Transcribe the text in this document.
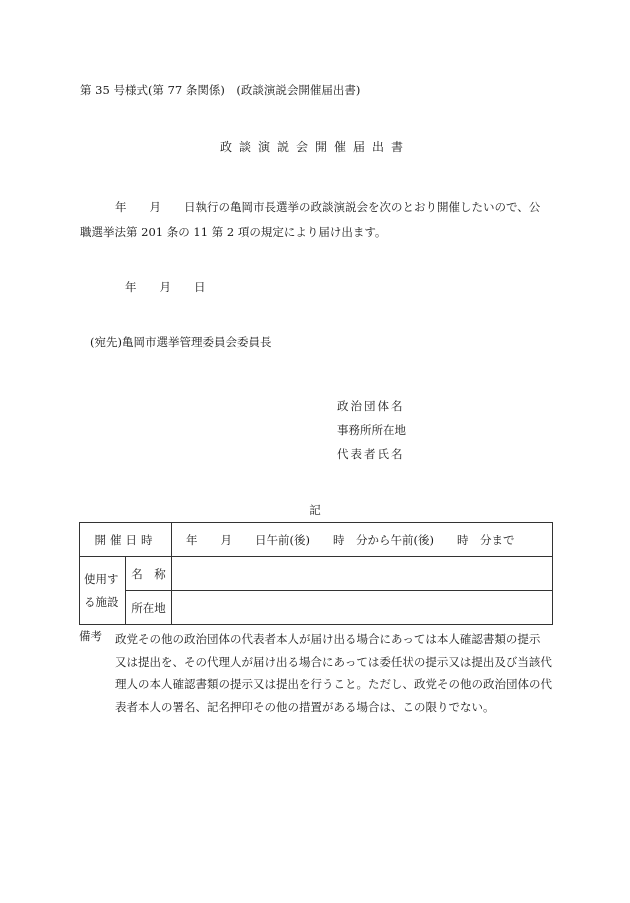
第 35 号様式(第 77 条関係)　(政談演説会開催届出書)
政談演説会開催届出書
年　　月　　日執行の亀岡市長選挙の政談演説会を次のとおり開催したいので、公
職選挙法第 201 条の 11 第 2 項の規定により届け出ます。
年　　月　　日
(宛先)亀岡市選挙管理委員会委員長
政治団体名
事務所所在地
代表者氏名
記
開催日時		年　　月　　日午前(後)　　時　分から午前(後)　　時　分まで
使用す
る施設	名　称	
	所在地	
備考 政党その他の政治団体の代表者本人が届け出る場合にあっては本人確認書類の提示
又は提出を、その代理人が届け出る場合にあっては委任状の提示又は提出及び当該代
理人の本人確認書類の提示又は提出を行うこと。ただし、政党その他の政治団体の代
表者本人の署名、記名押印その他の措置がある場合は、この限りでない。
